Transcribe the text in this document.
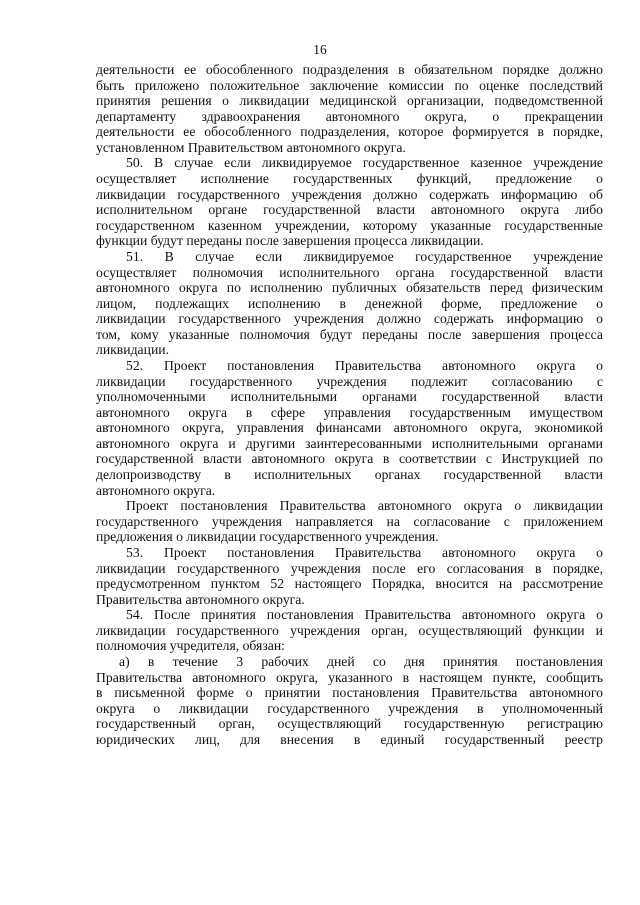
16
деятельности ее обособленного подразделения в обязательном порядке должно
быть приложено положительное заключение комиссии по оценке последствий
принятия решения о ликвидации медицинской организации, подведомственной
департаменту здравоохранения автономного округа, о прекращении
деятельности ее обособленного подразделения, которое формируется в порядке,
установленном Правительством автономного округа.
50. В случае если ликвидируемое государственное казенное учреждение
осуществляет исполнение государственных функций, предложение о
ликвидации государственного учреждения должно содержать информацию об
исполнительном органе государственной власти автономного округа либо
государственном казенном учреждении, которому указанные государственные
функции будут переданы после завершения процесса ликвидации.
51. В случае если ликвидируемое государственное учреждение
осуществляет полномочия исполнительного органа государственной власти
автономного округа по исполнению публичных обязательств перед физическим
лицом, подлежащих исполнению в денежной форме, предложение о
ликвидации государственного учреждения должно содержать информацию о
том, кому указанные полномочия будут переданы после завершения процесса
ликвидации.
52. Проект постановления Правительства автономного округа о
ликвидации государственного учреждения подлежит согласованию с
уполномоченными исполнительными органами государственной власти
автономного округа в сфере управления государственным имуществом
автономного округа, управления финансами автономного округа, экономикой
автономного округа и другими заинтересованными исполнительными органами
государственной власти автономного округа в соответствии с Инструкцией по
делопроизводству в исполнительных органах государственной власти
автономного округа.
Проект постановления Правительства автономного округа о ликвидации
государственного учреждения направляется на согласование с приложением
предложения о ликвидации государственного учреждения.
53. Проект постановления Правительства автономного округа о
ликвидации государственного учреждения после его согласования в порядке,
предусмотренном пунктом 52 настоящего Порядка, вносится на рассмотрение
Правительства автономного округа.
54. После принятия постановления Правительства автономного округа о
ликвидации государственного учреждения орган, осуществляющий функции и
полномочия учредителя, обязан:
а) в течение 3 рабочих дней со дня принятия постановления
Правительства автономного округа, указанного в настоящем пункте, сообщить
в письменной форме о принятии постановления Правительства автономного
округа о ликвидации государственного учреждения в уполномоченный
государственный орган, осуществляющий государственную регистрацию
юридических лиц, для внесения в единый государственный реестр
